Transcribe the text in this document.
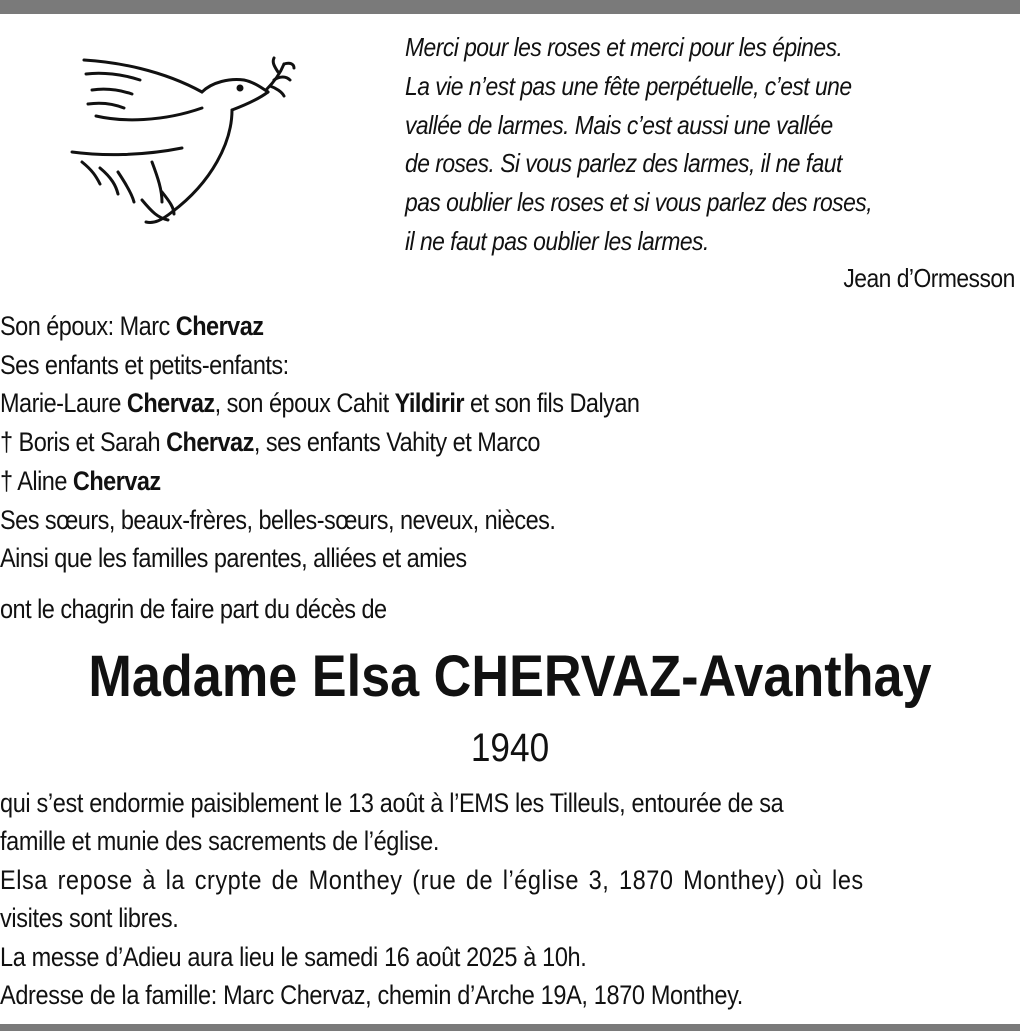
Merci pour les roses et merci pour les épines.
La vie n’est pas une fête perpétuelle, c’est une
vallée de larmes. Mais c’est aussi une vallée
de roses. Si vous parlez des larmes, il ne faut
pas oublier les roses et si vous parlez des roses,
il ne faut pas oublier les larmes.
Jean d’Ormesson
Son époux: Marc Chervaz
Ses enfants et petits-enfants:
Marie-Laure Chervaz, son époux Cahit Yildirir et son fils Dalyan
† Boris et Sarah Chervaz, ses enfants Vahity et Marco
† Aline Chervaz
Ses sœurs, beaux-frères, belles-sœurs, neveux, nièces.
Ainsi que les familles parentes, alliées et amies
ont le chagrin de faire part du décès de
Madame Elsa CHERVAZ-Avanthay
1940
qui s’est endormie paisiblement le 13 août à l’EMS les Tilleuls, entourée de sa
famille et munie des sacrements de l’église.
Elsa repose à la crypte de Monthey (rue de l’église 3, 1870 Monthey) où les
visites sont libres.
La messe d’Adieu aura lieu le samedi 16 août 2025 à 10h.
Adresse de la famille: Marc Chervaz, chemin d’Arche 19A, 1870 Monthey.
